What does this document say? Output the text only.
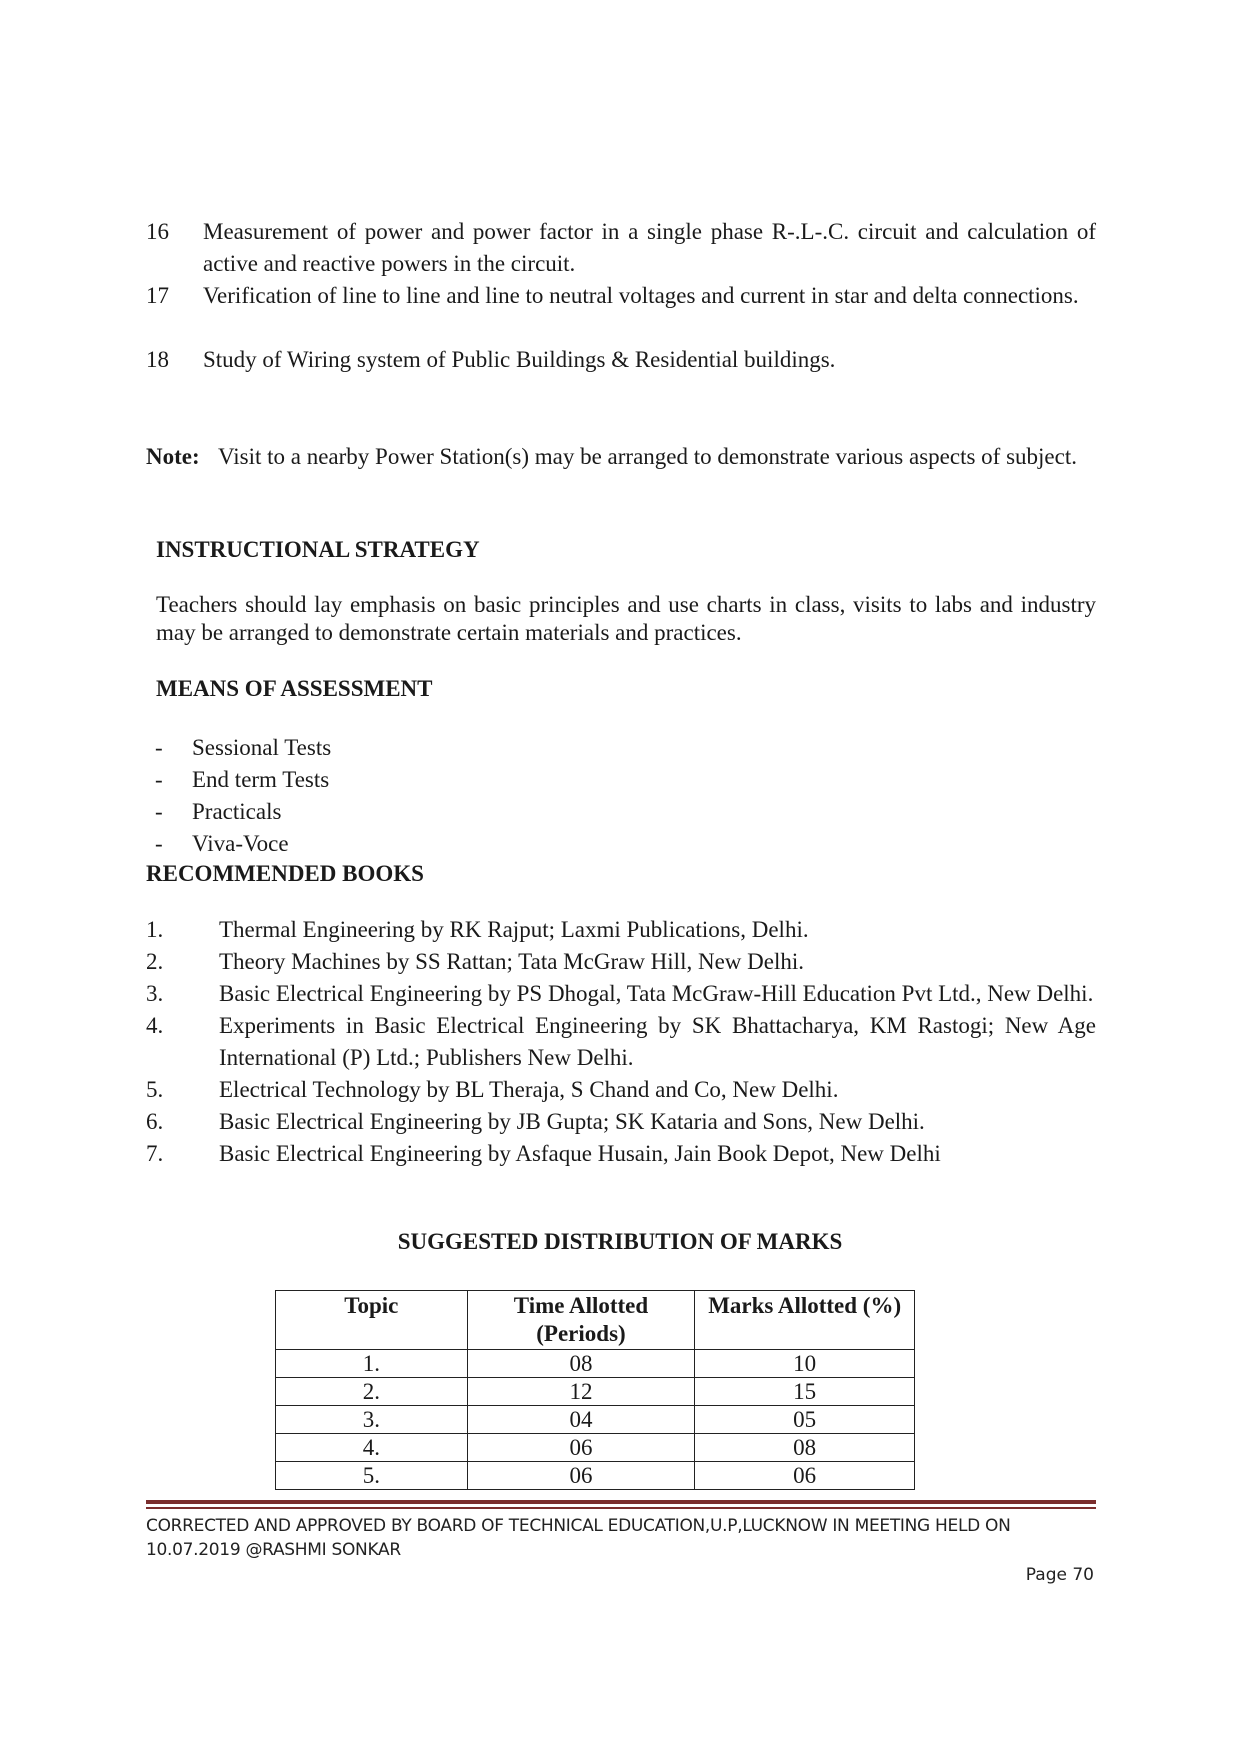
16 Measurement of power and power factor in a single phase R-.L-.C. circuit and calculation of active and reactive powers in the circuit.
17 Verification of line to line and line to neutral voltages and current in star and delta connections.
18 Study of Wiring system of Public Buildings & Residential buildings.
Note: Visit to a nearby Power Station(s) may be arranged to demonstrate various aspects of subject.
INSTRUCTIONAL STRATEGY
Teachers should lay emphasis on basic principles and use charts in class, visits to labs and industry may be arranged to demonstrate certain materials and practices.
MEANS OF ASSESSMENT
- Sessional Tests
- End term Tests
- Practicals
- Viva-Voce
RECOMMENDED BOOKS
1. Thermal Engineering by RK Rajput; Laxmi Publications, Delhi.
2. Theory Machines by SS Rattan; Tata McGraw Hill, New Delhi.
3. Basic Electrical Engineering by PS Dhogal, Tata McGraw-Hill Education Pvt Ltd., New Delhi.
4. Experiments in Basic Electrical Engineering by SK Bhattacharya, KM Rastogi; New Age International (P) Ltd.; Publishers New Delhi.
5. Electrical Technology by BL Theraja, S Chand and Co, New Delhi.
6. Basic Electrical Engineering by JB Gupta; SK Kataria and Sons, New Delhi.
7. Basic Electrical Engineering by Asfaque Husain, Jain Book Depot, New Delhi
SUGGESTED DISTRIBUTION OF MARKS
Topic	Time Allotted (Periods)	Marks Allotted (%)
1.	08	10
2.	12	15
3.	04	05
4.	06	08
5.	06	06
CORRECTED AND APPROVED BY BOARD OF TECHNICAL EDUCATION,U.P,LUCKNOW IN MEETING HELD ON 10.07.2019 @RASHMI SONKAR
Page 70
